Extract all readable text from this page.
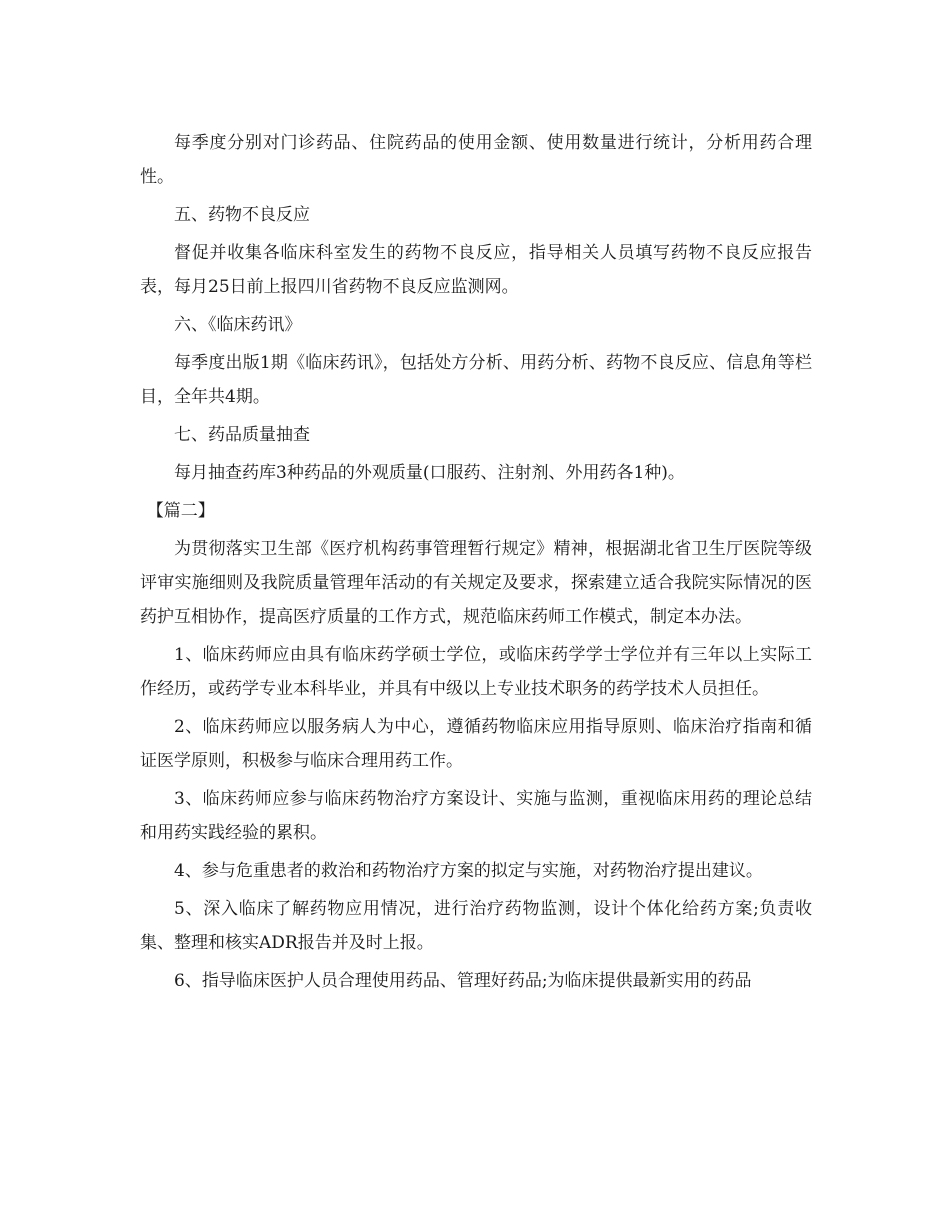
每季度分别对门诊药品、住院药品的使用金额、使用数量进行统计，分析用药合理性。

五、药物不良反应

督促并收集各临床科室发生的药物不良反应，指导相关人员填写药物不良反应报告表，每月25日前上报四川省药物不良反应监测网。

六、《临床药讯》

每季度出版1期《临床药讯》，包括处方分析、用药分析、药物不良反应、信息角等栏目，全年共4期。

七、药品质量抽查

每月抽查药库3种药品的外观质量(口服药、注射剂、外用药各1种)。

【篇二】

为贯彻落实卫生部《医疗机构药事管理暂行规定》精神，根据湖北省卫生厅医院等级评审实施细则及我院质量管理年活动的有关规定及要求，探索建立适合我院实际情况的医药护互相协作，提高医疗质量的工作方式，规范临床药师工作模式，制定本办法。

1、临床药师应由具有临床药学硕士学位，或临床药学学士学位并有三年以上实际工作经历，或药学专业本科毕业，并具有中级以上专业技术职务的药学技术人员担任。

2、临床药师应以服务病人为中心，遵循药物临床应用指导原则、临床治疗指南和循证医学原则，积极参与临床合理用药工作。

3、临床药师应参与临床药物治疗方案设计、实施与监测，重视临床用药的理论总结和用药实践经验的累积。

4、参与危重患者的救治和药物治疗方案的拟定与实施，对药物治疗提出建议。

5、深入临床了解药物应用情况，进行治疗药物监测，设计个体化给药方案;负责收集、整理和核实ADR报告并及时上报。

6、指导临床医护人员合理使用药品、管理好药品;为临床提供最新实用的药品
